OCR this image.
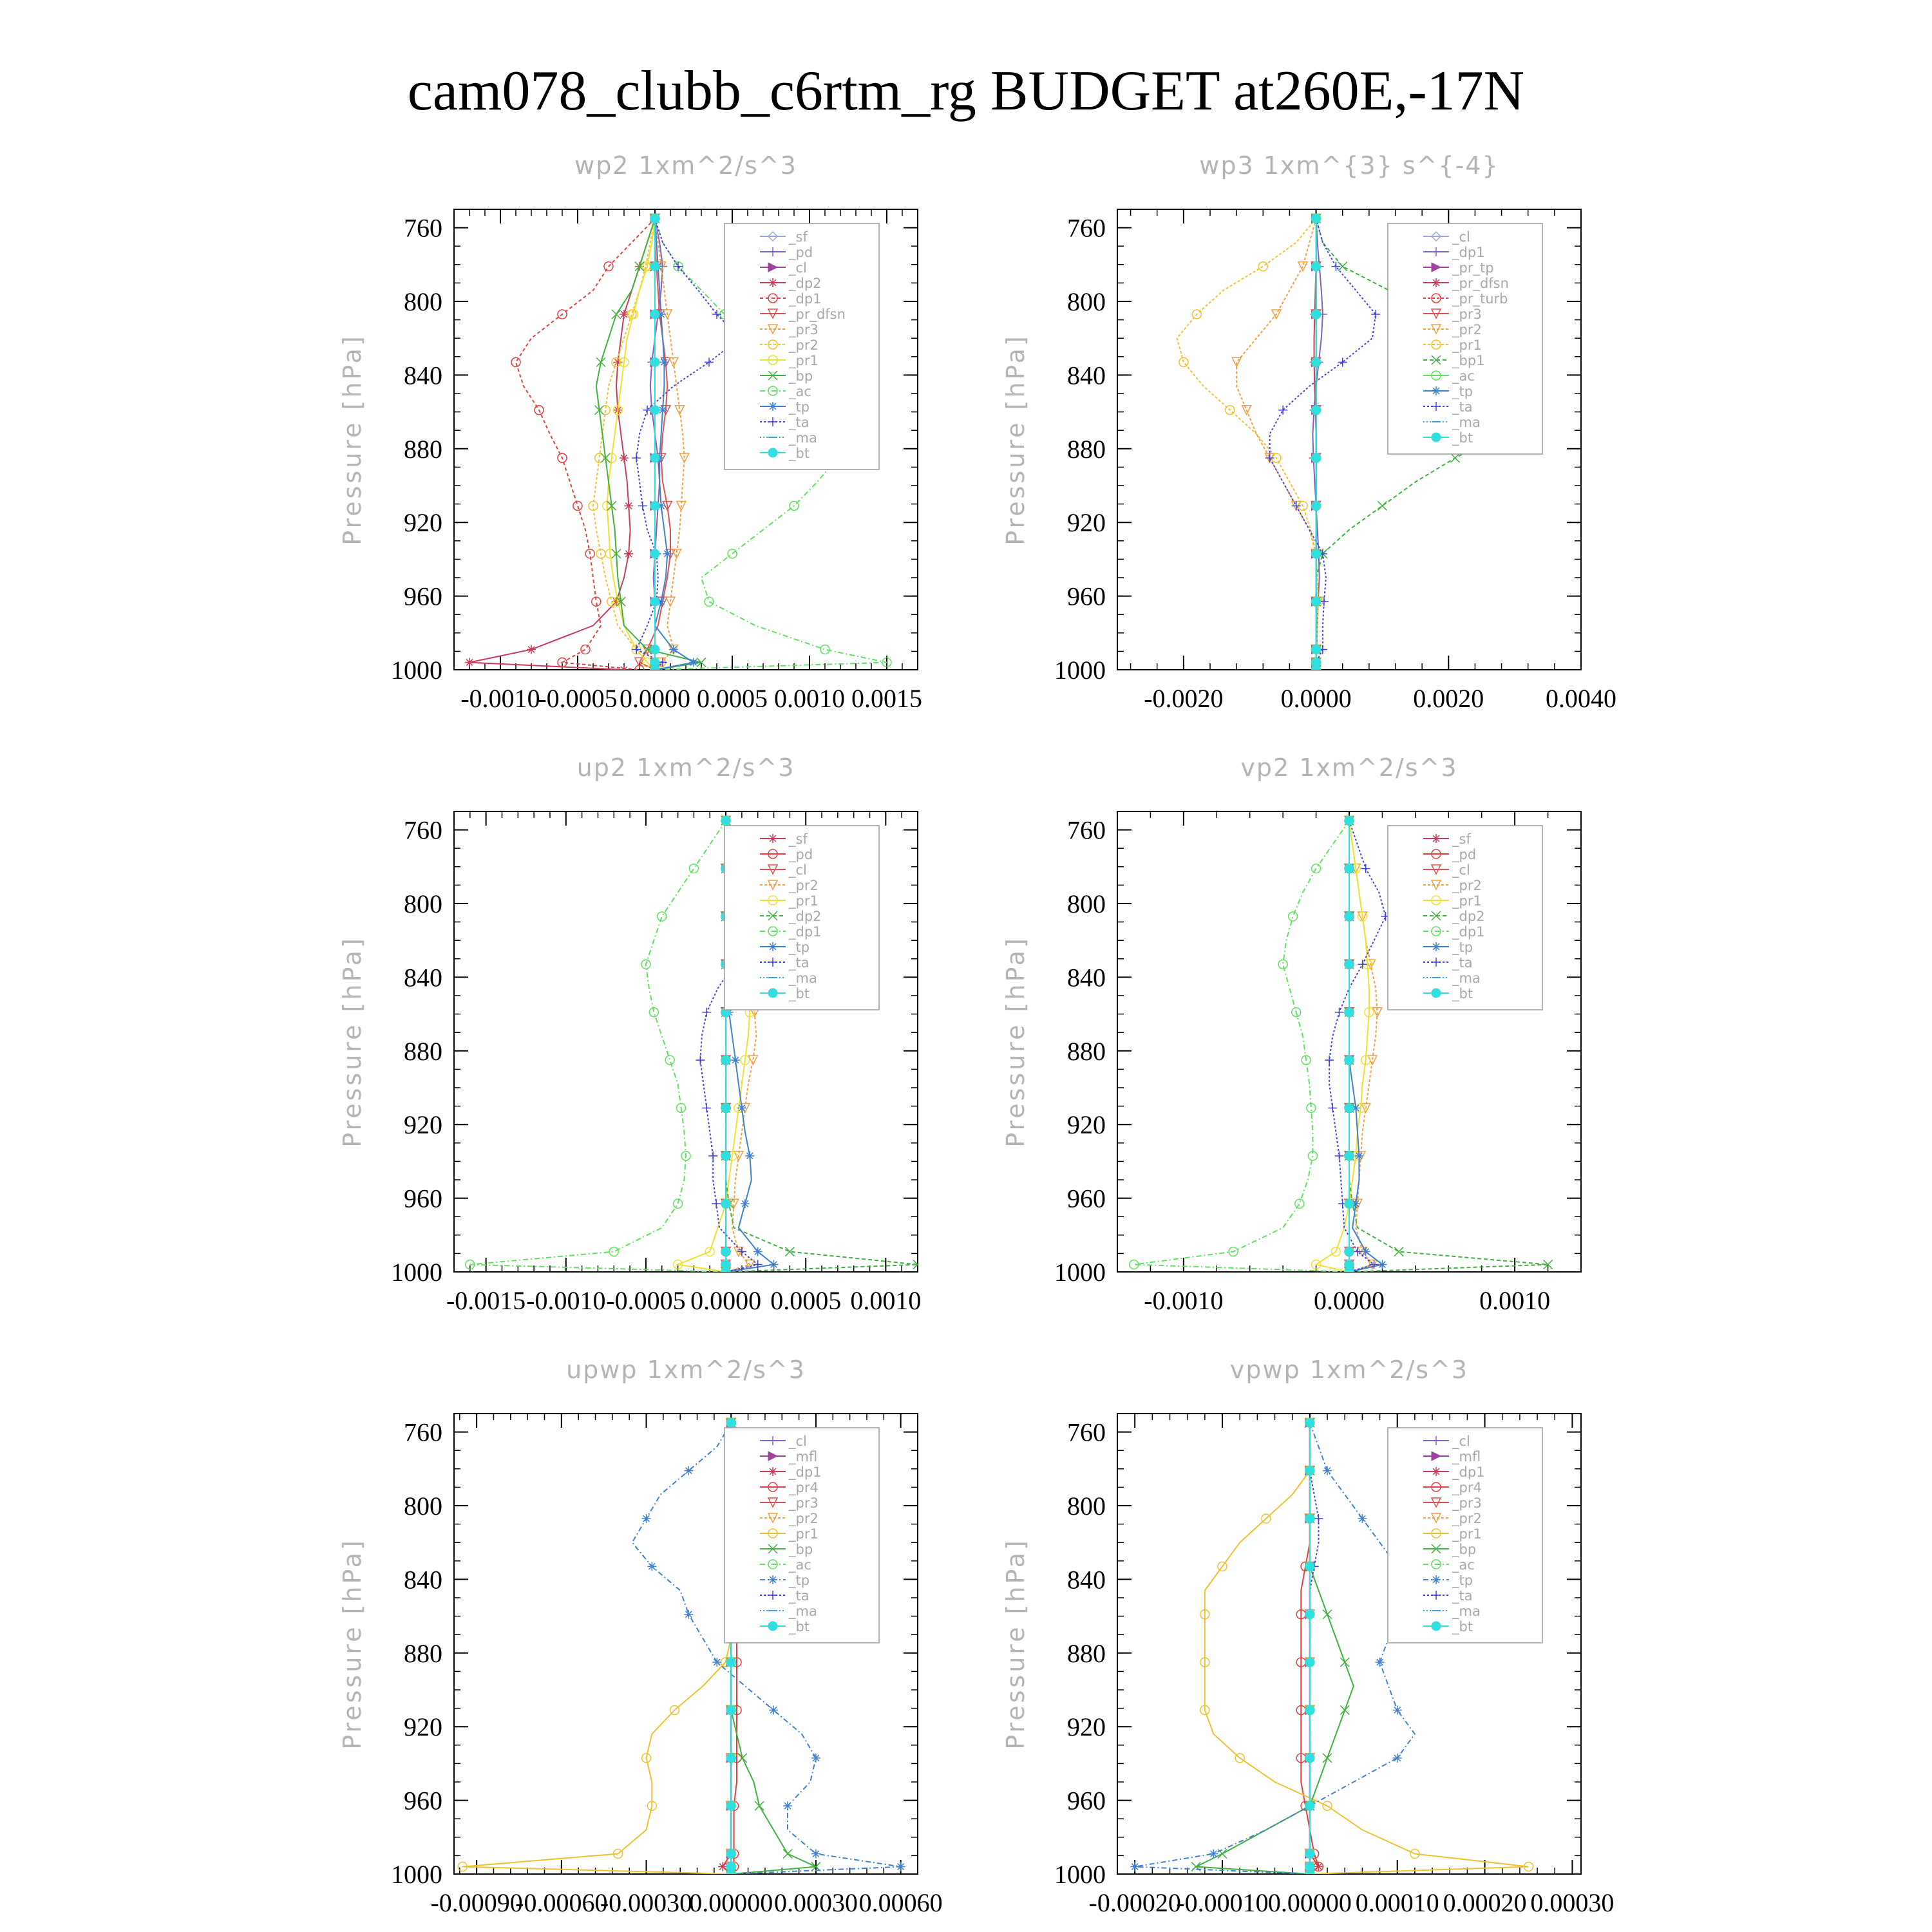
cam078_clubb_c6rtm_rg BUDGET at260E,-17N
wp2 1xm^2/s^3
Pressure [hPa]
760
800
840
880
920
960
1000
-0.0010
-0.0005 0.0000 0.0005 0.0010 0.0015
_sf
_pd
_cl
_dp2
_dp1
_pr_dfsn
_pr3
_pr2
_pr1
_bp
_ac
_tp
_ta
_ma
_bt
wp3 1xm^{3} s^{-4}
Pressure [hPa]
760
800
840
880
920
960
1000
-0.0020 0.0000 0.0020 0.0040
_cl
_dp1
_pr_tp
_pr_dfsn
_pr_turb
_pr3
_pr2
_pr1
_bp1
_ac
_tp
_ta
_ma
_bt
up2 1xm^2/s^3
Pressure [hPa]
760
800
840
880
920
960
1000
-0.0015 -0.0010 -0.0005 0.0000 0.0005 0.0010
_sf
_pd
_cl
_pr2
_pr1
_dp2
_dp1
_tp
_ta
_ma
_bt
vp2 1xm^2/s^3
Pressure [hPa]
760
800
840
880
920
960
1000
-0.0010	0.0000	0.0010
_sf
_pd
_cl
_pr2
_pr1
_dp2
_dp1
_tp
_ta
_ma
_bt
upwp 1xm^2/s^3
Pressure [hPa]
760
800
840
880
920
960
1000
-0.00090
-0.00060
-0.00030
0.00000 0.00030 0.00060
_cl
_mfl
_dp1
_pr4
_pr3
_pr2
_pr1
_bp
_ac
_tp
_ta
_ma
_bt
vpwp 1xm^2/s^3
Pressure [hPa]
760
800
840
880
920
960
1000
-0.00020
-0.00010 0.00000 0.00010 0.00020 0.00030
_cl
_mfl
_dp1
_pr4
_pr3
_pr2
_pr1
_bp
_ac
_tp
_ta
_ma
_bt
